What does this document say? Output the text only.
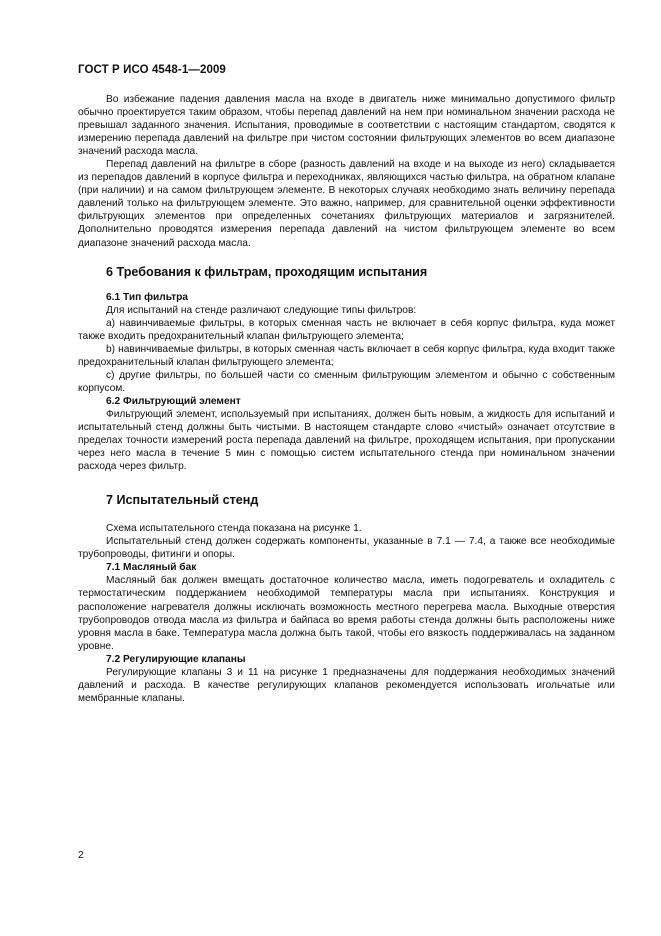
ГОСТ Р ИСО 4548-1—2009

Во избежание падения давления масла на входе в двигатель ниже минимально допустимого фильтр обычно проектируется таким образом, чтобы перепад давлений на нем при номинальном значении расхода не превышал заданного значения. Испытания, проводимые в соответствии с настоящим стандартом, сводятся к измерению перепада давлений на фильтре при чистом состоянии фильтрующих элементов во всем диапазоне значений расхода масла.

Перепад давлений на фильтре в сборе (разность давлений на входе и на выходе из него) складывается из перепадов давлений в корпусе фильтра и переходниках, являющихся частью фильтра, на обратном клапане (при наличии) и на самом фильтрующем элементе. В некоторых случаях необходимо знать величину перепада давлений только на фильтрующем элементе. Это важно, например, для сравнительной оценки эффективности фильтрующих элементов при определенных сочетаниях фильтрующих материалов и загрязнителей. Дополнительно проводятся измерения перепада давлений на чистом фильтрующем элементе во всем диапазоне значений расхода масла.

6 Требования к фильтрам, проходящим испытания
6.1 Тип фильтра

Для испытаний на стенде различают следующие типы фильтров:

a) навинчиваемые фильтры, в которых сменная часть не включает в себя корпус фильтра, куда может также входить предохранительный клапан фильтрующего элемента;

b) навинчиваемые фильтры, в которых сменная часть включает в себя корпус фильтра, куда входит также предохранительный клапан фильтрующего элемента;

c) другие фильтры, по большей части со сменным фильтрующим элементом и обычно с собственным корпусом.

6.2 Фильтрующий элемент

Фильтрующий элемент, используемый при испытаниях, должен быть новым, а жидкость для испытаний и испытательный стенд должны быть чистыми. В настоящем стандарте слово «чистый» означает отсутствие в пределах точности измерений роста перепада давлений на фильтре, проходящем испытания, при пропускании через него масла в течение 5 мин с помощью систем испытательного стенда при номинальном значении расхода через фильтр.

7 Испытательный стенд

Схема испытательного стенда показана на рисунке 1.

Испытательный стенд должен содержать компоненты, указанные в 7.1 — 7.4, а также все необходимые трубопроводы, фитинги и опоры.

7.1 Масляный бак

Масляный бак должен вмещать достаточное количество масла, иметь подогреватель и охладитель с термостатическим поддержанием необходимой температуры масла при испытаниях. Конструкция и расположение нагревателя должны исключать возможность местного перегрева масла. Выходные отверстия трубопроводов отвода масла из фильтра и байпаса во время работы стенда должны быть расположены ниже уровня масла в баке. Температура масла должна быть такой, чтобы его вязкость поддерживалась на заданном уровне.

7.2 Регулирующие клапаны

Регулирующие клапаны 3 и 11 на рисунке 1 предназначены для поддержания необходимых значений давлений и расхода. В качестве регулирующих клапанов рекомендуется использовать игольчатые или мембранные клапаны.

2
